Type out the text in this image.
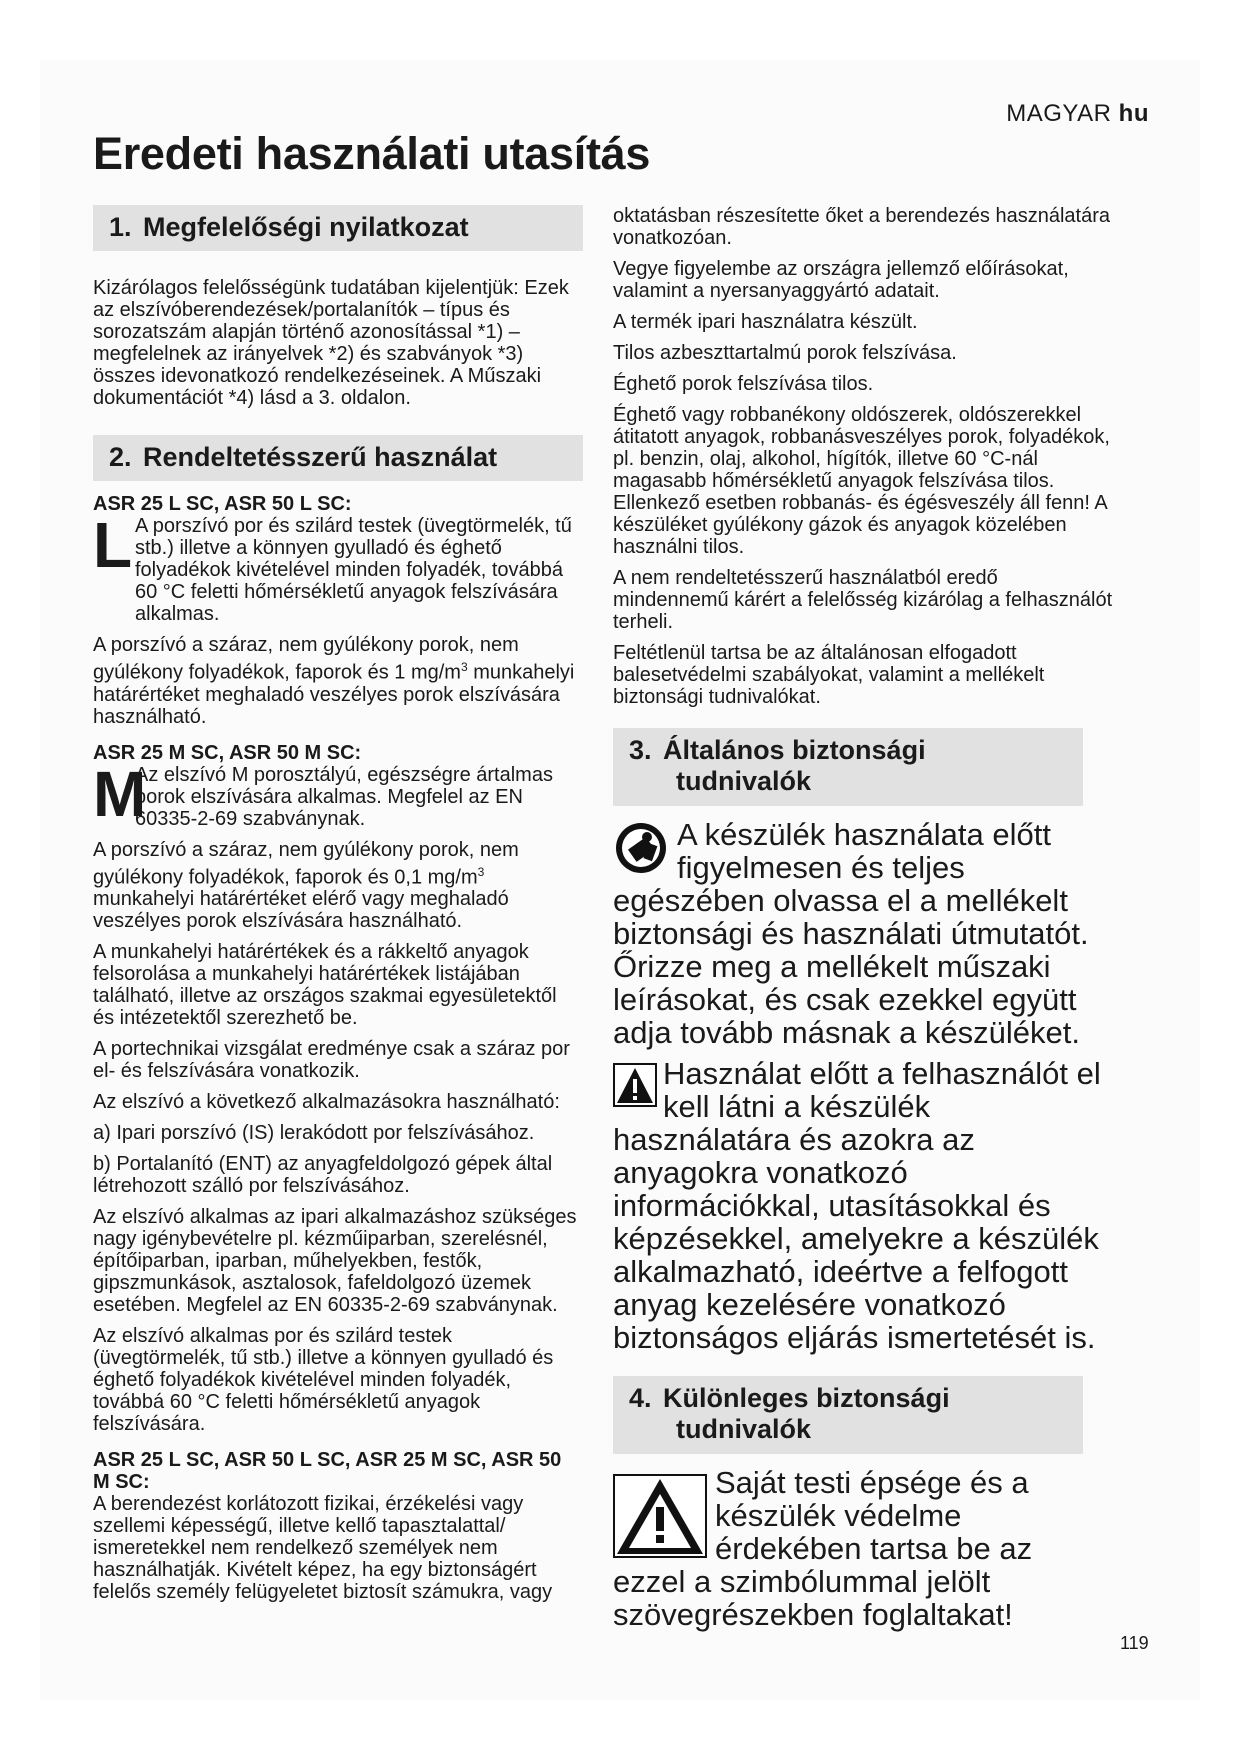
MAGYAR hu
Eredeti használati utasítás
1. Megfelelőségi nyilatkozat

Kizárólagos felelősségünk tudatában kijelentjük: Ezek az elszívóberendezések/portalanítók – típus és sorozatszám alapján történő azonosítással *1) – megfelelnek az irányelvek *2) és szabványok *3) összes idevonatkozó rendelkezéseinek. A Műszaki dokumentációt *4) lásd a 3. oldalon.

2. Rendeltetésszerű használat

ASR 25 L SC, ASR 50 L SC:

L A porszívó por és szilárd testek (üvegtörmelék, tű stb.) illetve a könnyen gyulladó és éghető folyadékok kivételével minden folyadék, továbbá 60 °C feletti hőmérsékletű anyagok felszívására alkalmas.

A porszívó a száraz, nem gyúlékony porok, nem gyúlékony folyadékok, faporok és 1 $mg/m^3$ munkahelyi határértéket meghaladó veszélyes porok elszívására használható.

ASR 25 M SC, ASR 50 M SC:

M
Az elszívó M porosztályú, egészségre ártalmas porok elszívására alkalmas. Megfelel az EN 60335-2-69 szabványnak.

A porszívó a száraz, nem gyúlékony porok, nem gyúlékony folyadékok, faporok és 0,1 $mg/m^3$ munkahelyi határértéket elérő vagy meghaladó veszélyes porok elszívására használható.

A munkahelyi határértékek és a rákkeltő anyagok felsorolása a munkahelyi határértékek listájában található, illetve az országos szakmai egyesületektől és intézetektől szerezhető be.

A portechnikai vizsgálat eredménye csak a száraz por el- és felszívására vonatkozik.

Az elszívó a következő alkalmazásokra használható:

a) Ipari porszívó (IS) lerakódott por felszívásához.

b) Portalanító (ENT) az anyagfeldolgozó gépek által létrehozott szálló por felszívásához.

Az elszívó alkalmas az ipari alkalmazáshoz szükséges nagy igénybevételre pl. kézműiparban, szerelésnél, építőiparban, iparban, műhelyekben, festők, gipszmunkások, asztalosok, fafeldolgozó üzemek esetében. Megfelel az EN 60335-2-69 szabványnak.

Az elszívó alkalmas por és szilárd testek (üvegtörmelék, tű stb.) illetve a könnyen gyulladó és éghető folyadékok kivételével minden folyadék, továbbá 60 °C feletti hőmérsékletű anyagok felszívására.

ASR 25 L SC, ASR 50 L SC, ASR 25 M SC, ASR 50 M SC:

A berendezést korlátozott fizikai, érzékelési vagy szellemi képességű, illetve kellő tapasztalattal/ ismeretekkel nem rendelkező személyek nem használhatják. Kivételt képez, ha egy biztonságért felelős személy felügyeletet biztosít számukra, vagy

oktatásban részesítette őket a berendezés használatára vonatkozóan.

Vegye figyelembe az országra jellemző előírásokat, valamint a nyersanyaggyártó adatait.

A termék ipari használatra készült.

Tilos azbeszttartalmú porok felszívása.

Éghető porok felszívása tilos.

Éghető vagy robbanékony oldószerek, oldószerekkel átitatott anyagok, robbanásveszélyes porok, folyadékok, pl. benzin, olaj, alkohol, hígítók, illetve 60 °C-nál magasabb hőmérsékletű anyagok felszívása tilos. Ellenkező esetben robbanás- és égésveszély áll fenn! A készüléket gyúlékony gázok és anyagok közelében használni tilos.

A nem rendeltetésszerű használatból eredő mindennemű kárért a felelősség kizárólag a felhasználót terheli.

Feltétlenül tartsa be az általánosan elfogadott balesetvédelmi szabályokat, valamint a mellékelt biztonsági tudnivalókat.

3. Általános biztonsági
tudnivalók

A készülék használata előtt figyelmesen és teljes egészében olvassa el a mellékelt biztonsági és használati útmutatót. Őrizze meg a mellékelt műszaki leírásokat, és csak ezekkel együtt adja tovább másnak a készüléket.

Használat előtt a felhasználót el kell látni a készülék használatára és azokra az anyagokra vonatkozó információkkal, utasításokkal és képzésekkel, amelyekre a készülék alkalmazható, ideértve a felfogott anyag kezelésére vonatkozó biztonságos eljárás ismertetését is.

4. Különleges biztonsági
tudnivalók

Saját testi épsége és a készülék védelme érdekében tartsa be az ezzel a szimbólummal jelölt szövegrészekben foglaltakat!

119
